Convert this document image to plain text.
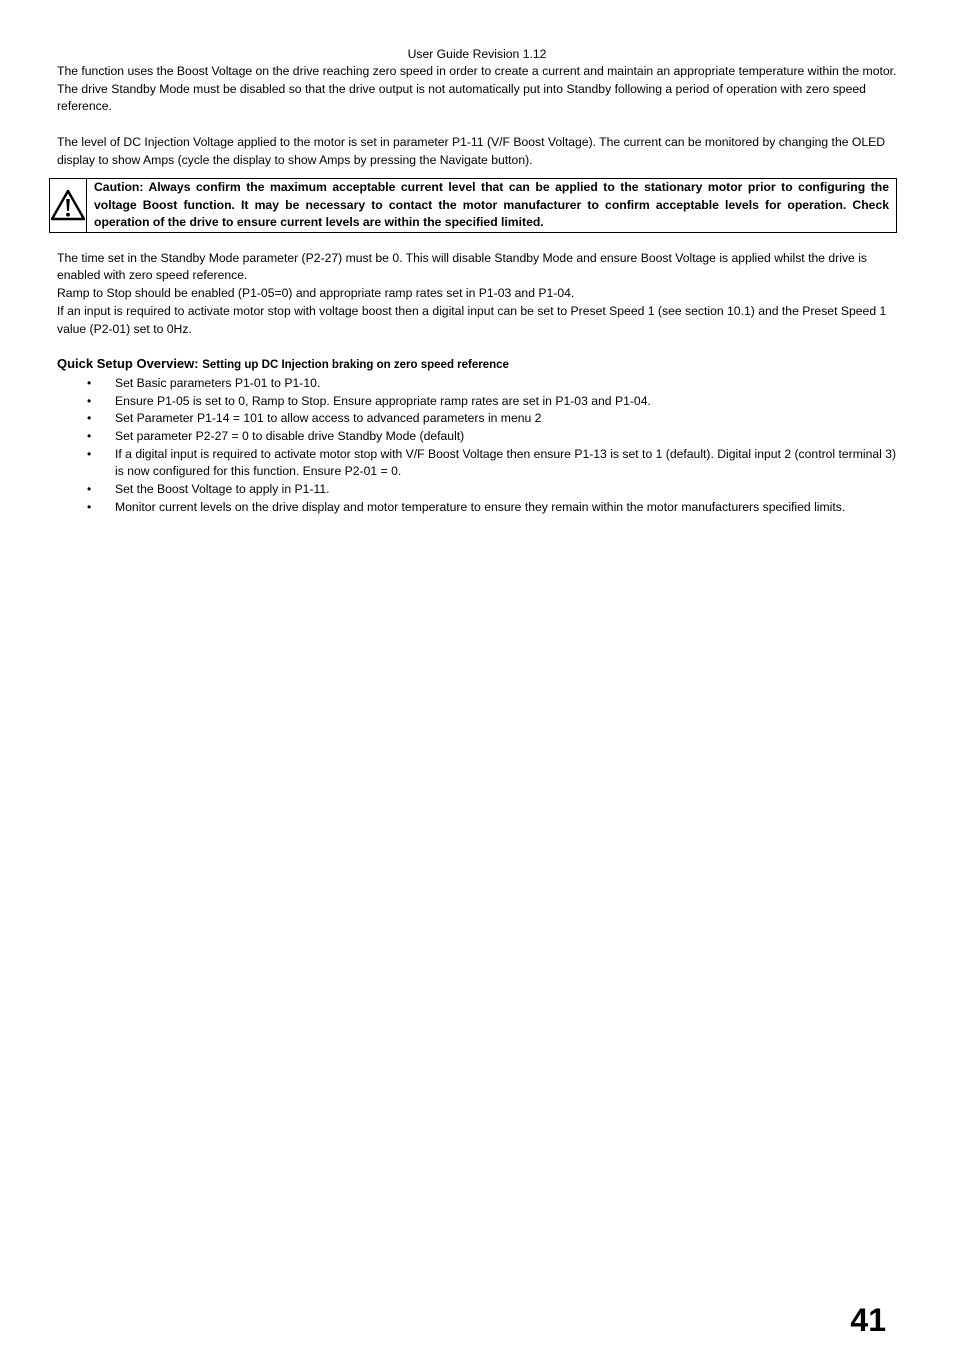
User Guide Revision 1.12

The function uses the Boost Voltage on the drive reaching zero speed in order to create a current and maintain an appropriate temperature within the motor. The drive Standby Mode must be disabled so that the drive output is not automatically put into Standby following a period of operation with zero speed reference.

The level of DC Injection Voltage applied to the motor is set in parameter P1-11 (V/F Boost Voltage). The current can be monitored by changing the OLED display to show Amps (cycle the display to show Amps by pressing the Navigate button).

Caution: Always confirm the maximum acceptable current level that can be applied to the stationary motor prior to configuring the voltage Boost function. It may be necessary to contact the motor manufacturer to confirm acceptable levels for operation. Check operation of the drive to ensure current levels are within the specified limited.

The time set in the Standby Mode parameter (P2-27) must be 0. This will disable Standby Mode and ensure Boost Voltage is applied whilst the drive is enabled with zero speed reference.

Ramp to Stop should be enabled (P1-05=0) and appropriate ramp rates set in P1-03 and P1-04.

If an input is required to activate motor stop with voltage boost then a digital input can be set to Preset Speed 1 (see section 10.1) and the Preset Speed 1 value (P2-01) set to 0Hz.

Quick Setup Overview: Setting up DC Injection braking on zero speed reference
• Set Basic parameters P1-01 to P1-10.
• Ensure P1-05 is set to 0, Ramp to Stop. Ensure appropriate ramp rates are set in P1-03 and P1-04.
• Set Parameter P1-14 = 101 to allow access to advanced parameters in menu 2
• Set parameter P2-27 = 0 to disable drive Standby Mode (default)
• If a digital input is required to activate motor stop with V/F Boost Voltage then ensure P1-13 is set to 1 (default). Digital input 2 (control terminal 3) is now configured for this function. Ensure P2-01 = 0.
• Set the Boost Voltage to apply in P1-11.
• Monitor current levels on the drive display and motor temperature to ensure they remain within the motor manufacturers specified limits.
41
